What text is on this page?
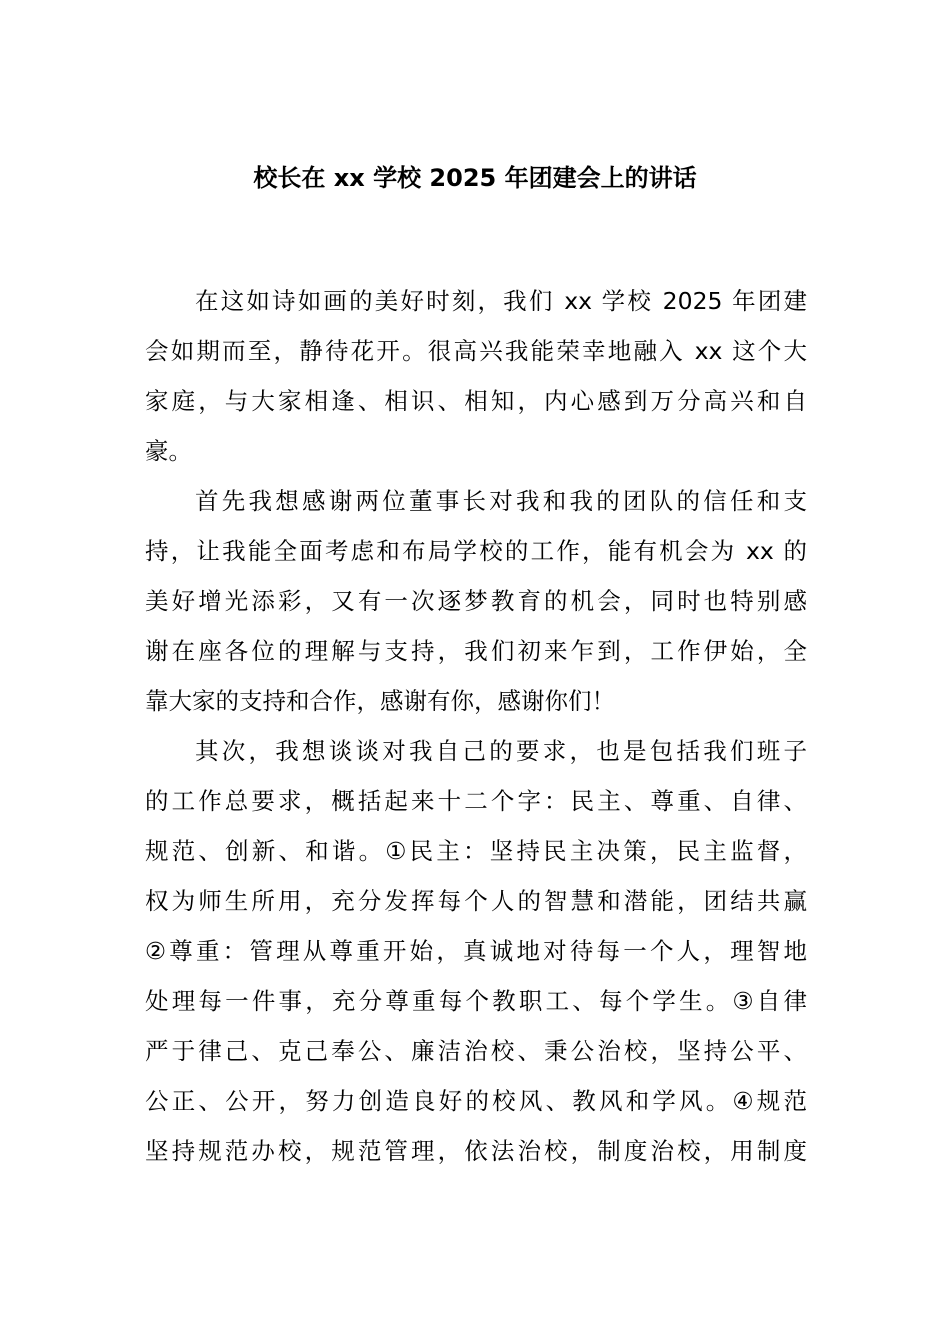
校长在 xx 学校 2025 年团建会上的讲话
在这如诗如画的美好时刻，我们 xx 学校 2025 年团建
会如期而至，静待花开。很高兴我能荣幸地融入 xx 这个大
家庭，与大家相逢、相识、相知，内心感到万分高兴和自
豪。
首先我想感谢两位董事长对我和我的团队的信任和支
持，让我能全面考虑和布局学校的工作，能有机会为 xx 的
美好增光添彩，又有一次逐梦教育的机会，同时也特别感
谢在座各位的理解与支持，我们初来乍到，工作伊始，全
靠大家的支持和合作，感谢有你，感谢你们！
其次，我想谈谈对我自己的要求，也是包括我们班子
的工作总要求，概括起来十二个字：民主、尊重、自律、
规范、创新、和谐。①民主：坚持民主决策，民主监督，
权为师生所用，充分发挥每个人的智慧和潜能，团结共赢
②尊重：管理从尊重开始，真诚地对待每一个人，理智地
处理每一件事，充分尊重每个教职工、每个学生。③自律
严于律己、克己奉公、廉洁治校、秉公治校，坚持公平、
公正、公开，努力创造良好的校风、教风和学风。④规范
坚持规范办校，规范管理，依法治校，制度治校，用制度
